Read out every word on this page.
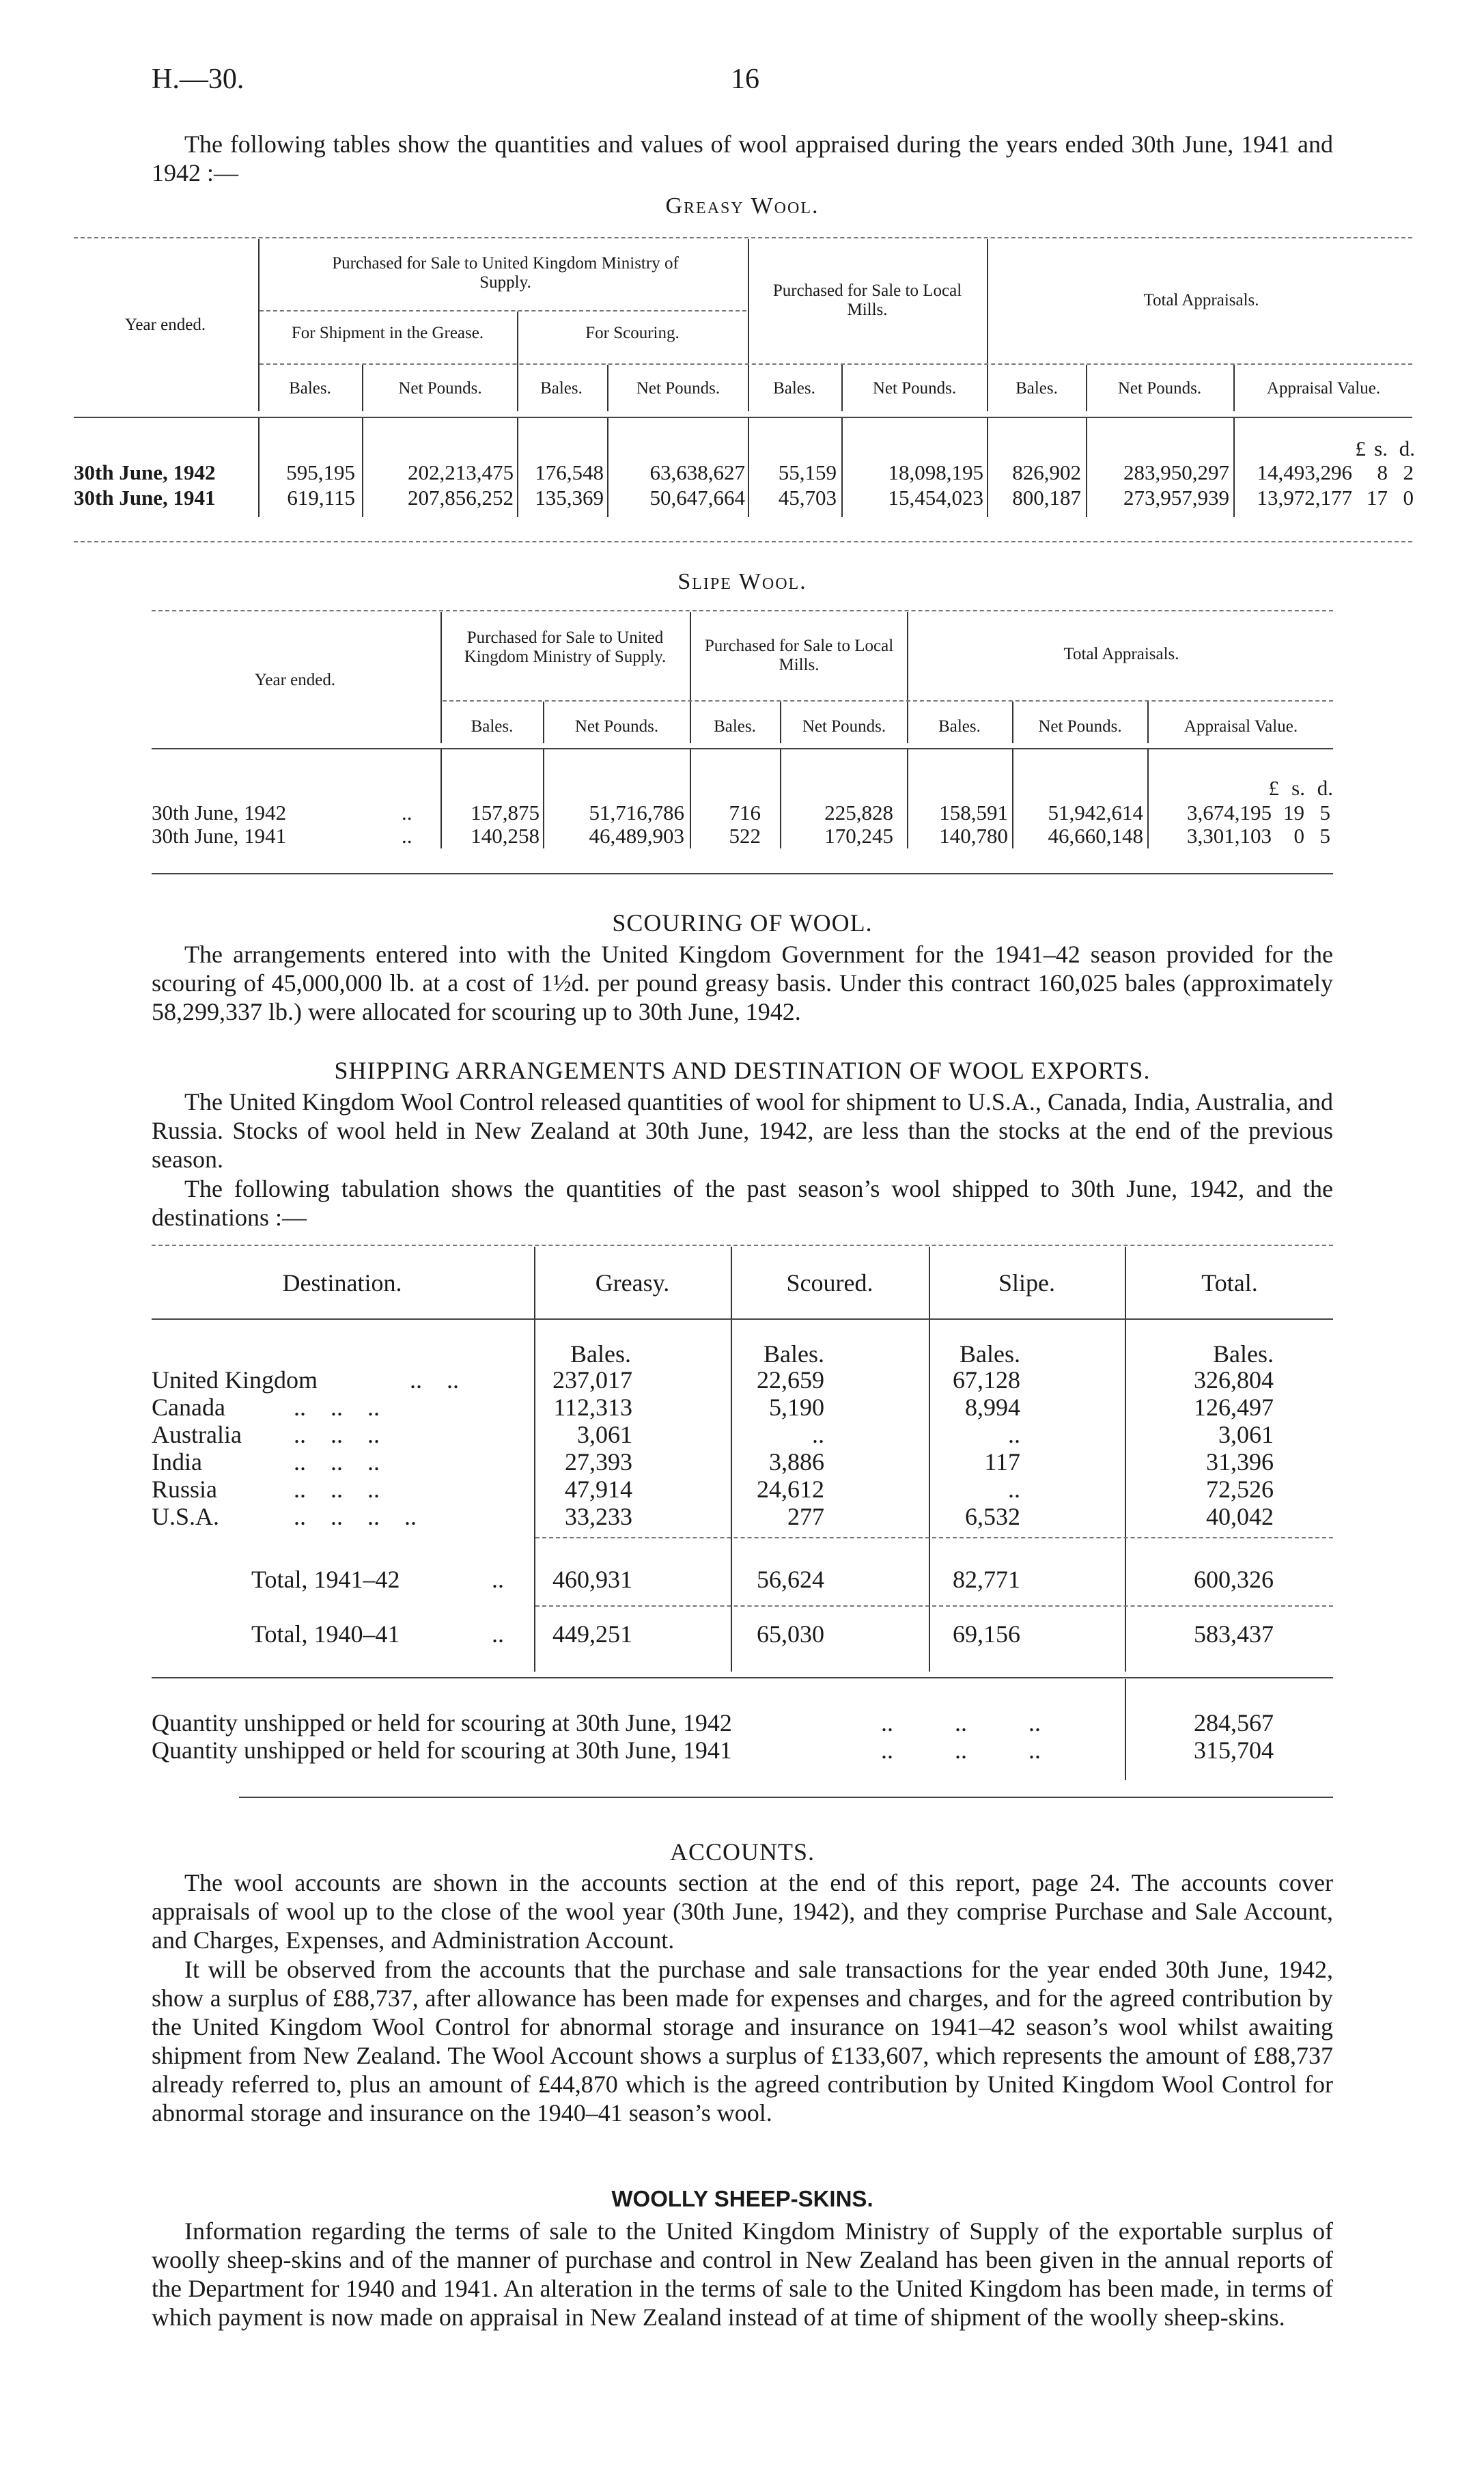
H.—30.	16
The following tables show the quantities and values of wool appraised during the years ended 30th June, 1941 and 1942 :—
Greasy Wool.
Year ended.
Purchased for Sale to United Kingdom Ministry of Supply.
For Shipment in the Grease.	For Scouring.
Purchased for Sale to Local Mills.
Total Appraisals.
Bales.	Net Pounds.	Bales.	Net Pounds.	Bales.	Net Pounds.	Bales.	Net Pounds.	Appraisal Value.
£ s. d.
30th June, 1942	595,195	202,213,475	176,548	63,638,627	55,159	18,098,195	826,902	283,950,297	14,493,296	8 2
30th June, 1941	619,115	207,856,252	135,369	50,647,664	45,703	15,454,023	800,187	273,957,939	13,972,177 17 0
Slipe Wool.
Year ended.
Purchased for Sale to United Kingdom Ministry of Supply.
Purchased for Sale to Local Mills.
Total Appraisals.
Bales.	Net Pounds.	Bales.	Net Pounds.	Bales.	Net Pounds.	Appraisal Value.
£ s. d.
30th June, 1942	..	157,875	51,716,786	716	225,828	158,591	51,942,614	3,674,195 19 5
30th June, 1941	..	140,258	46,489,903	522	170,245	140,780	46,660,148	3,301,103	0 5
SCOURING OF WOOL.
The arrangements entered into with the United Kingdom Government for the 1941–42 season provided for the scouring of 45,000,000 lb. at a cost of 1½d. per pound greasy basis. Under this contract 160,025 bales (approximately 58,299,337 lb.) were allocated for scouring up to 30th June, 1942.
SHIPPING ARRANGEMENTS AND DESTINATION OF WOOL EXPORTS.
The United Kingdom Wool Control released quantities of wool for shipment to U.S.A., Canada, India, Australia, and Russia. Stocks of wool held in New Zealand at 30th June, 1942, are less than the stocks at the end of the previous season.
The following tabulation shows the quantities of the past season’s wool shipped to 30th June, 1942, and the destinations :—
Destination.	Greasy.	Scoured.	Slipe.	Total.
Bales.	Bales.	Bales.	Bales.
United Kingdom	..    ..	237,017	22,659	67,128	326,804
Canada	..    ..    ..	112,313	5,190	8,994	126,497
Australia ..    ..    ..	3,061	..	..	3,061
India	..    ..    ..	27,393	3,886	117	31,396
Russia	..    ..    ..	47,914	24,612	..	72,526
U.S.A.	..    ..    ..    ..	33,233	277	6,532	40,042
Total, 1941–42	..	460,931	56,624	82,771	600,326
Total, 1940–41	..	449,251	65,030	69,156	583,437
Quantity unshipped or held for scouring at 30th June, 1942	..          ..          ..	284,567
Quantity unshipped or held for scouring at 30th June, 1941	..          ..          ..	315,704
ACCOUNTS.
The wool accounts are shown in the accounts section at the end of this report, page 24. The accounts cover appraisals of wool up to the close of the wool year (30th June, 1942), and they comprise Purchase and Sale Account, and Charges, Expenses, and Administration Account.
It will be observed from the accounts that the purchase and sale transactions for the year ended 30th June, 1942, show a surplus of £88,737, after allowance has been made for expenses and charges, and for the agreed contribution by the United Kingdom Wool Control for abnormal storage and insurance on 1941–42 season’s wool whilst awaiting shipment from New Zealand. The Wool Account shows a surplus of £133,607, which represents the amount of £88,737 already referred to, plus an amount of £44,870 which is the agreed contribution by United Kingdom Wool Control for abnormal storage and insurance on the 1940–41 season’s wool.
WOOLLY SHEEP-SKINS.
Information regarding the terms of sale to the United Kingdom Ministry of Supply of the exportable surplus of woolly sheep-skins and of the manner of purchase and control in New Zealand has been given in the annual reports of the Department for 1940 and 1941. An alteration in the terms of sale to the United Kingdom has been made, in terms of which payment is now made on appraisal in New Zealand instead of at time of shipment of the woolly sheep-skins.
